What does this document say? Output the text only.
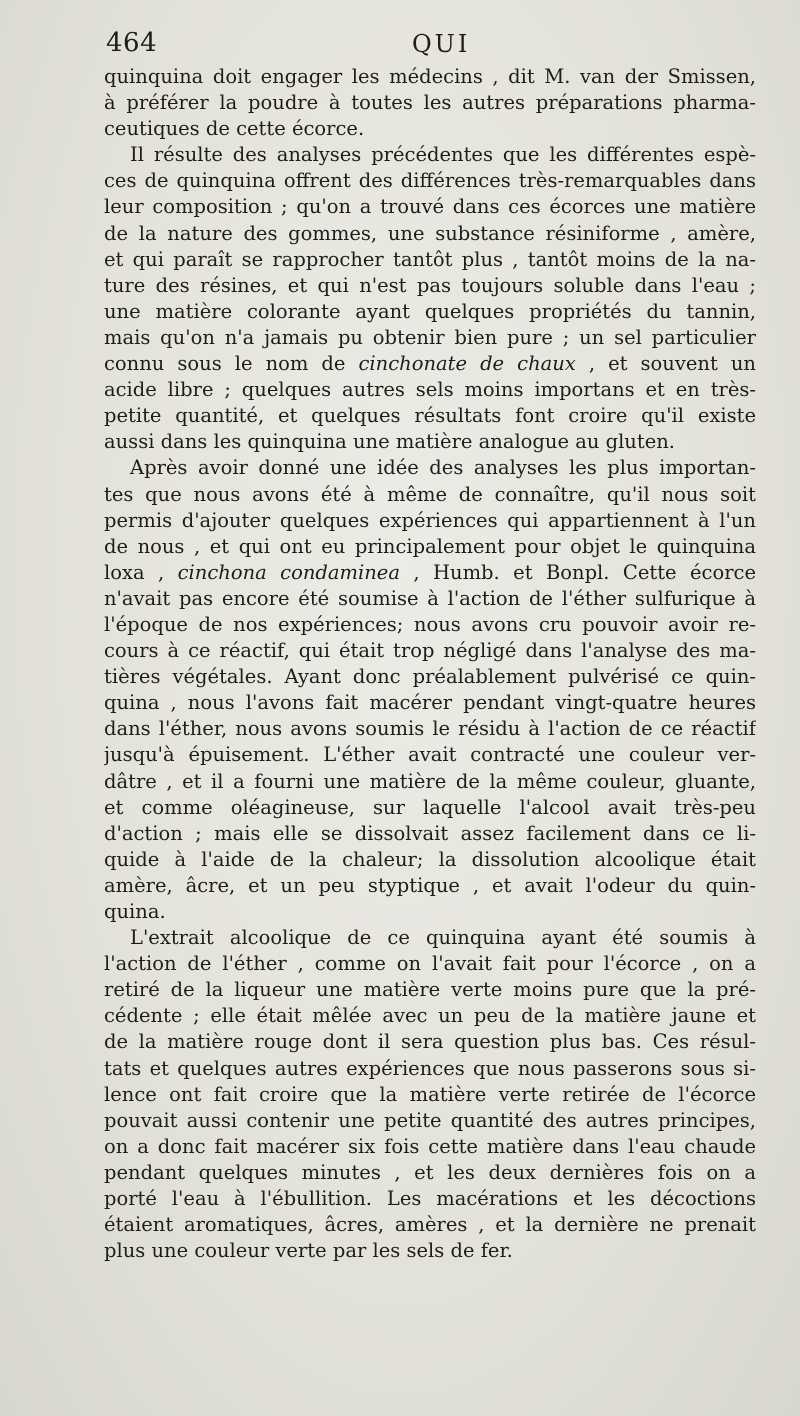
464	QUI
quinquina doit engager les médecins , dit M. van der Smissen,
à préférer la poudre à toutes les autres préparations pharma-
ceutiques de cette écorce.
Il résulte des analyses précédentes que les différentes espè-
ces de quinquina offrent des différences très-remarquables dans
leur composition ; qu'on a trouvé dans ces écorces une matière
de la nature des gommes, une substance résiniforme , amère,
et qui paraît se rapprocher tantôt plus , tantôt moins de la na-
ture des résines, et qui n'est pas toujours soluble dans l'eau ;
une matière colorante ayant quelques propriétés du tannin,
mais qu'on n'a jamais pu obtenir bien pure ; un sel particulier
connu sous le nom de cinchonate de chaux , et souvent un
acide libre ; quelques autres sels moins importans et en très-
petite quantité, et quelques résultats font croire qu'il existe
aussi dans les quinquina une matière analogue au gluten.
Après avoir donné une idée des analyses les plus importan-
tes que nous avons été à même de connaître, qu'il nous soit
permis d'ajouter quelques expériences qui appartiennent à l'un
de nous , et qui ont eu principalement pour objet le quinquina
loxa , cinchona condaminea , Humb. et Bonpl. Cette écorce
n'avait pas encore été soumise à l'action de l'éther sulfurique à
l'époque de nos expériences; nous avons cru pouvoir avoir re-
cours à ce réactif, qui était trop négligé dans l'analyse des ma-
tières végétales. Ayant donc préalablement pulvérisé ce quin-
quina , nous l'avons fait macérer pendant vingt-quatre heures
dans l'éther, nous avons soumis le résidu à l'action de ce réactif
jusqu'à épuisement. L'éther avait contracté une couleur ver-
dâtre , et il a fourni une matière de la même couleur, gluante,
et comme oléagineuse, sur laquelle l'alcool avait très-peu
d'action ; mais elle se dissolvait assez facilement dans ce li-
quide à l'aide de la chaleur; la dissolution alcoolique était
amère, âcre, et un peu styptique , et avait l'odeur du quin-
quina.
L'extrait alcoolique de ce quinquina ayant été soumis à
l'action de l'éther , comme on l'avait fait pour l'écorce , on a
retiré de la liqueur une matière verte moins pure que la pré-
cédente ; elle était mêlée avec un peu de la matière jaune et
de la matière rouge dont il sera question plus bas. Ces résul-
tats et quelques autres expériences que nous passerons sous si-
lence ont fait croire que la matière verte retirée de l'écorce
pouvait aussi contenir une petite quantité des autres principes,
on a donc fait macérer six fois cette matière dans l'eau chaude
pendant quelques minutes , et les deux dernières fois on a
porté l'eau à l'ébullition. Les macérations et les décoctions
étaient aromatiques, âcres, amères , et la dernière ne prenait
plus une couleur verte par les sels de fer.
